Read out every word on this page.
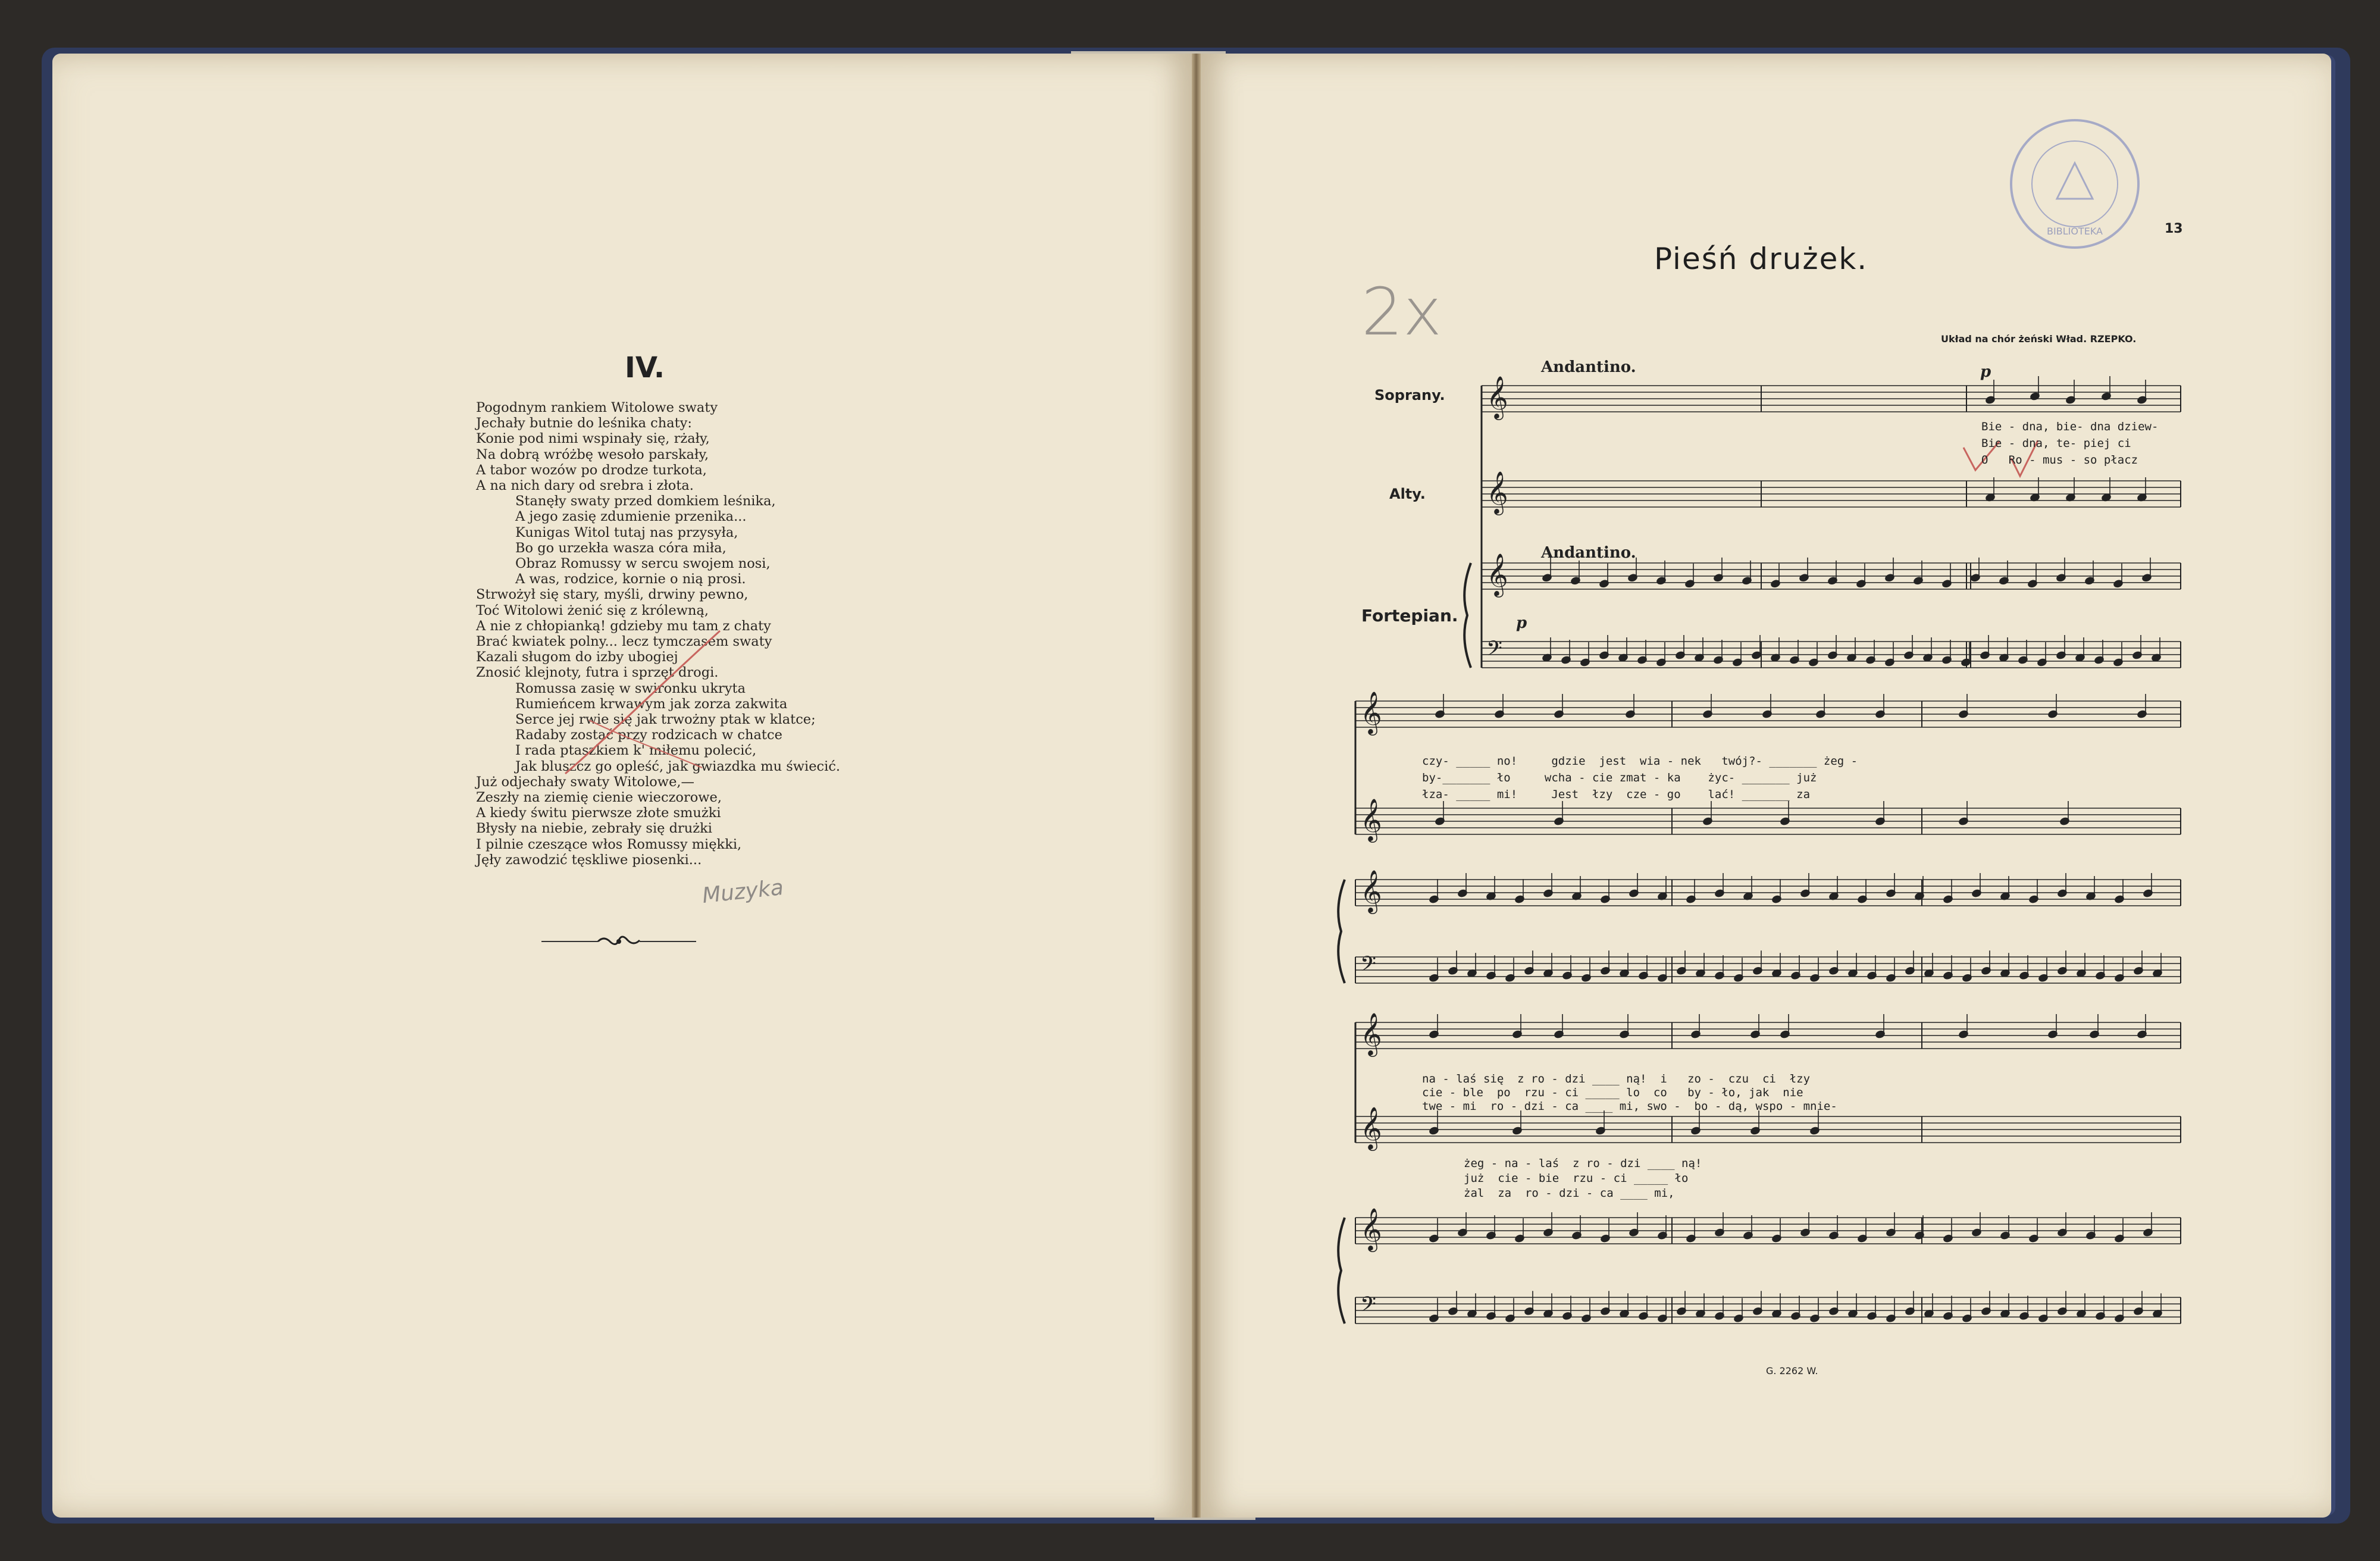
IV.
Pogodnym rankiem Witolowe swaty
Jechały butnie do leśnika chaty:
Konie pod nimi wspinały się, rżały,
Na dobrą wróżbę wesoło parskały,
A tabor wozów po drodze turkota,
A na nich dary od srebra i złota.
Stanęły swaty przed domkiem leśnika,
A jego zasię zdumienie przenika...
Kunigas Witol tutaj nas przysyła,
Bo go urzekła wasza córa miła,
Obraz Romussy w sercu swojem nosi,
A was, rodzice, kornie o nią prosi.
Strwożył się stary, myśli, drwiny pewno,
Toć Witolowi żenić się z królewną,
A nie z chłopianką! gdzieby mu tam z chaty
Brać kwiatek polny... lecz tymczasem swaty
Kazali sługom do izby ubogiej
Znosić klejnoty, futra i sprzęt drogi.
Romussa zasię w swironku ukryta
Rumieńcem krwawym jak zorza zakwita
Serce jej rwie się jak trwożny ptak w klatce;
Radaby zostać przy rodzicach w chatce
I rada ptaszkiem k' miłemu polecić,
Jak bluszcz go opleść, jak gwiazdka mu świecić.
Już odjechały swaty Witolowe,—
Zeszły na ziemię cienie wieczorowe,
A kiedy świtu pierwsze złote smużki
Błysły na niebie, zebrały się drużki
I pilnie czeszące włos Romussy miękki,
Jęły zawodzić tęskliwe piosenki...
Muzyka
BIBLIOTEKA	13
Pieśń drużek.
2x	Układ na chór żeński Wład. RZEPKO.
Soprany.
Alty.
Fortepian.
Andantino.
Andantino.
𝄞
𝄞
𝄞
𝄢
𝄞
𝄞
𝄞
𝄢
𝄞
𝄞
𝄞
𝄢
p
p
Bie - dna, bie- dna dziew-
Bie - dna, te- piej ci
O   Ro - mus - so płacz
czy- _____ no!     gdzie  jest  wia - nek   twój?- _______ żeg -
by-_______ ło     wcha - cie zmat - ka    życ- _______ już
łza- _____ mi!     Jest  łzy  cze - go    lać! _______ za
na - laś się  z ro - dzi ____ ną!  i   zo -  czu  ci  łzy
cie - ble  po  rzu - ci _____ lo  co   by - ło, jak  nie
twe - mi  ro - dzi - ca ____ mi, swo -  bo - dą, wspo - mnie-
żeg - na - laś  z ro - dzi ____ ną!
już  cie - bie  rzu - ci _____ ło
żal  za  ro - dzi - ca ____ mi,
G. 2262 W.
